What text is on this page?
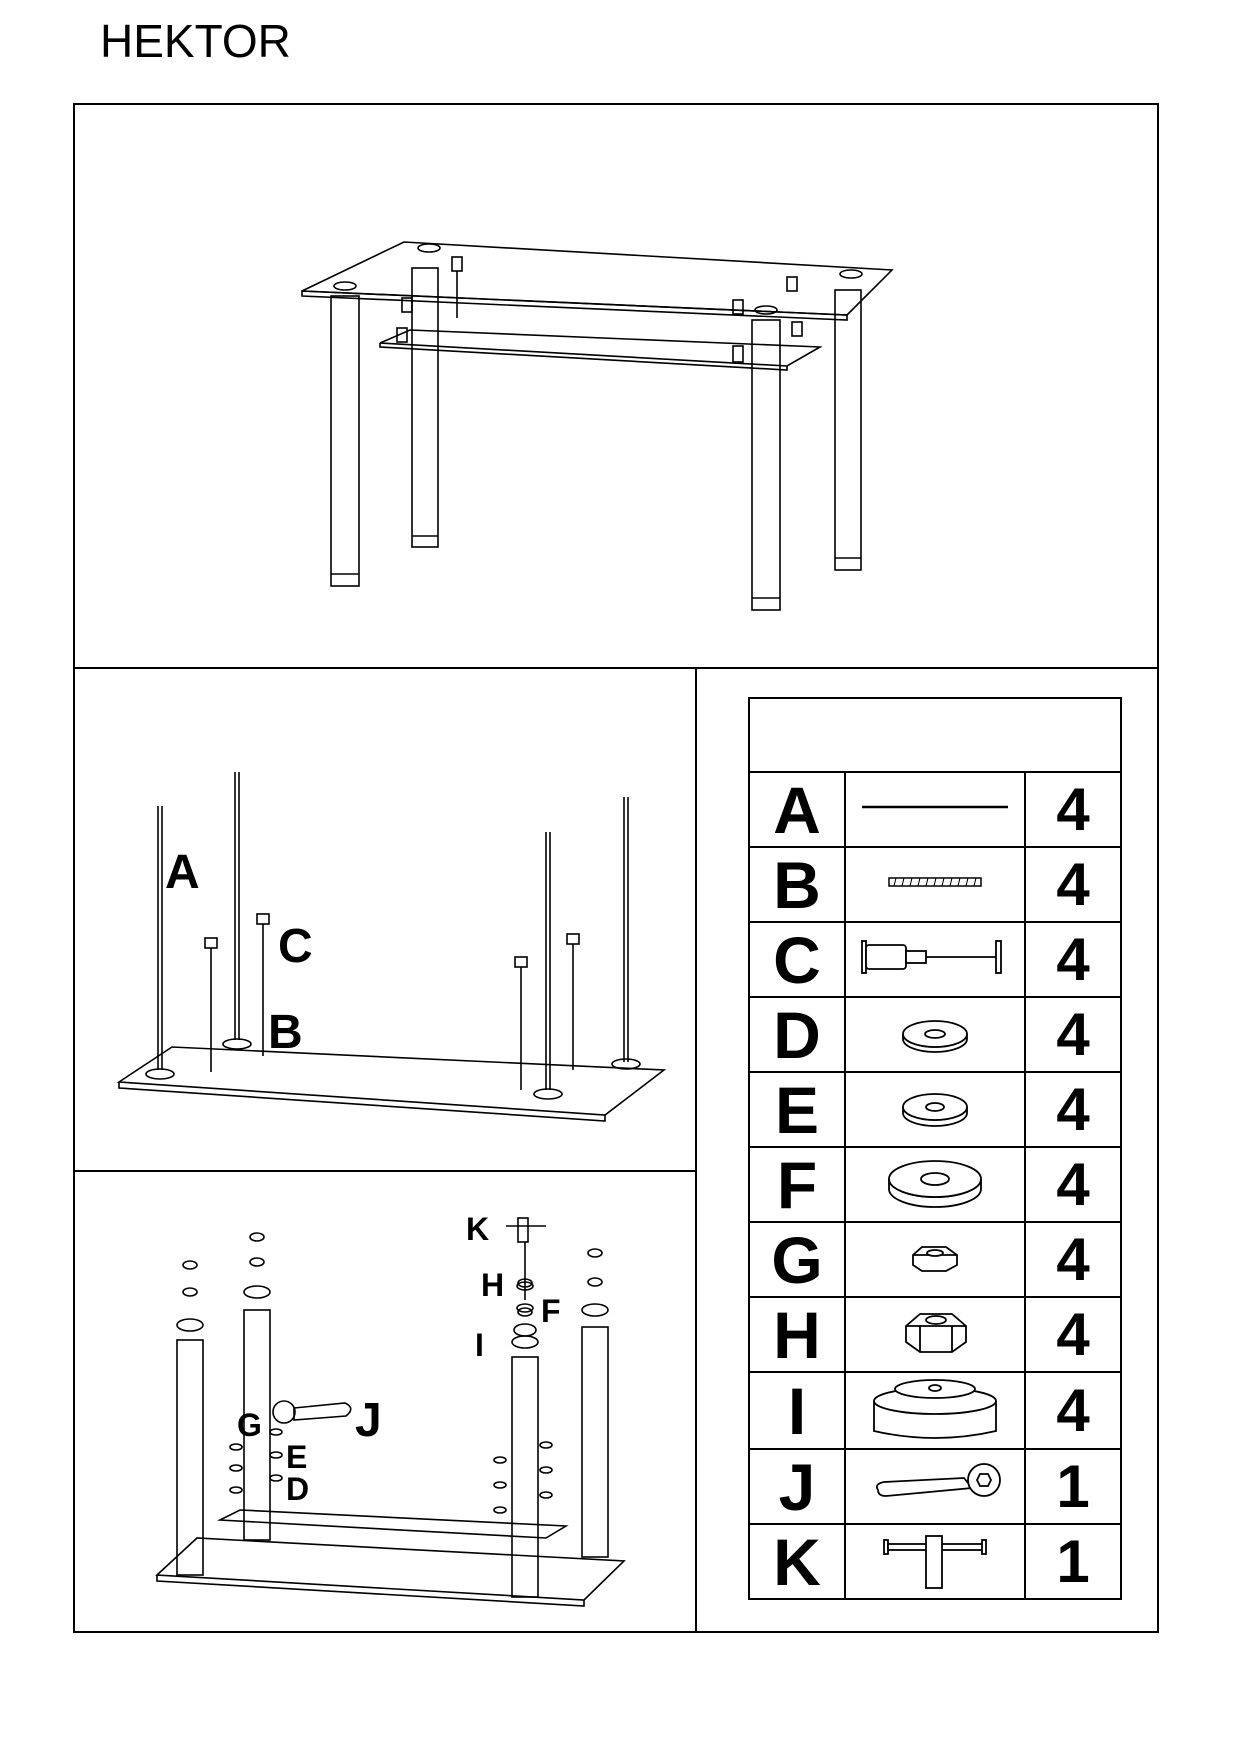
HEKTOR
A
C
B
K
H
F
I
G J
E
D

A		4
B		4
C		4
D		4
E		4
F		4
G		4
H		4
I		4
J		1
K		1
